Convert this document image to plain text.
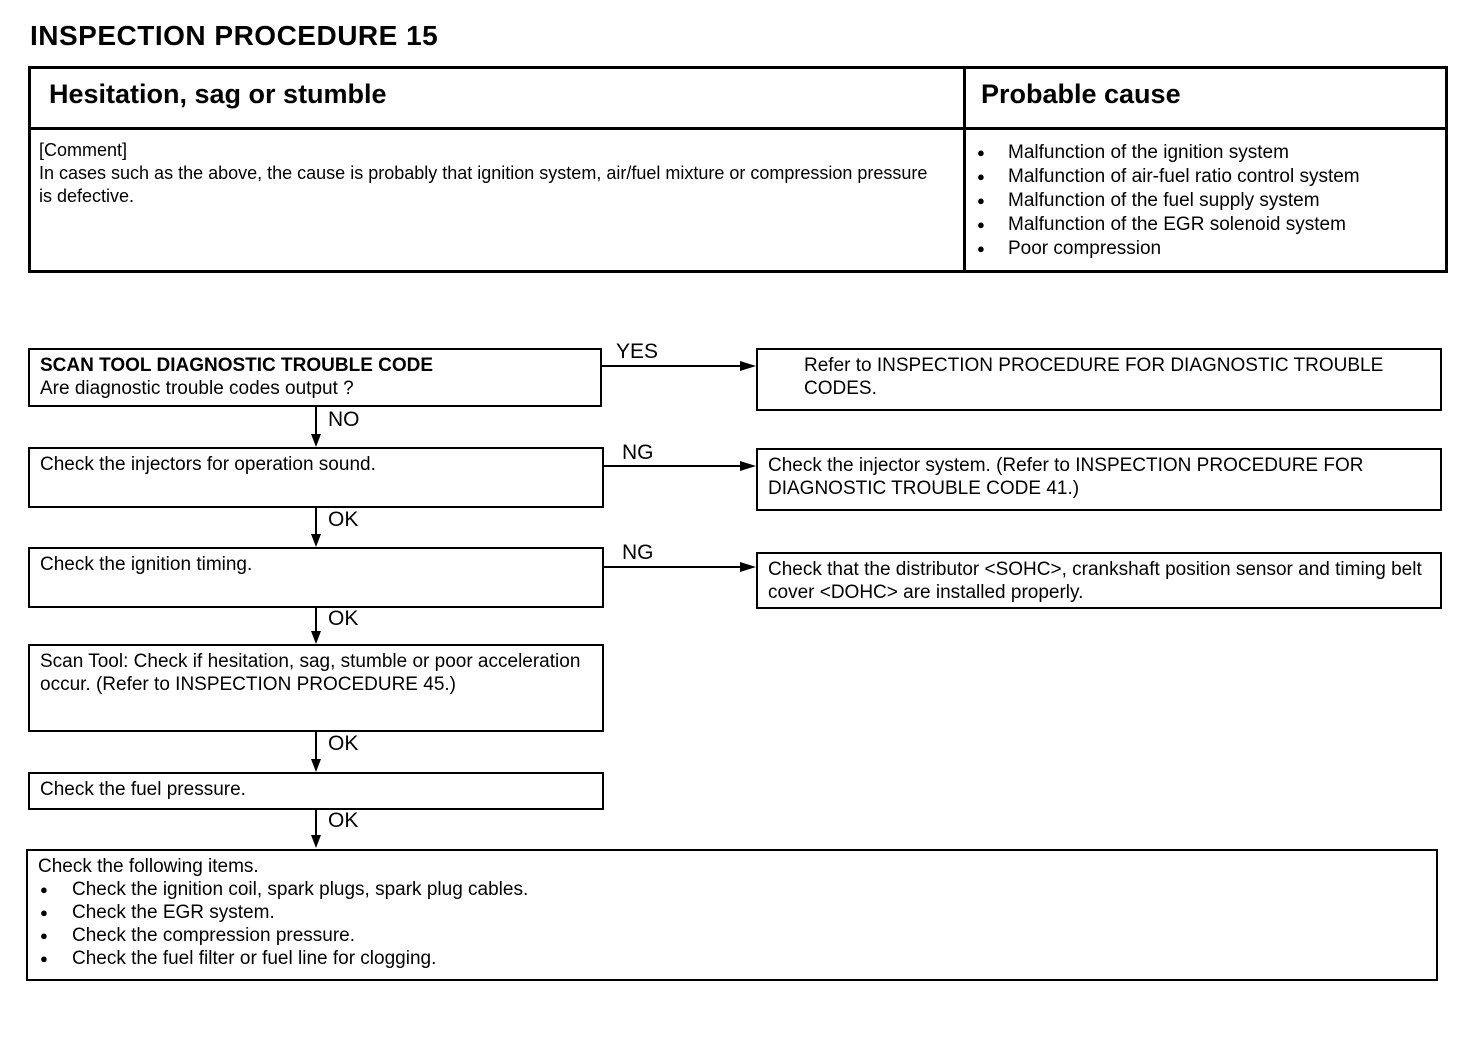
INSPECTION PROCEDURE 15
Hesitation, sag or stumble	Probable cause
[Comment]
In cases such as the above, the cause is probably that ignition system, air/fuel mixture or compression pressure is defective.
● Malfunction of the ignition system
● Malfunction of air-fuel ratio control system
● Malfunction of the fuel supply system
● Malfunction of the EGR solenoid system
● Poor compression
SCAN TOOL DIAGNOSTIC TROUBLE CODE
Are diagnostic trouble codes output ?
YES
Refer to INSPECTION PROCEDURE FOR DIAGNOSTIC TROUBLE CODES.
NO
Check the injectors for operation sound.
NG
Check the injector system. (Refer to INSPECTION PROCEDURE FOR DIAGNOSTIC TROUBLE CODE 41.)
OK
Check the ignition timing.
NG
Check that the distributor <SOHC>, crankshaft position sensor and timing belt cover <DOHC> are installed properly.
OK
Scan Tool: Check if hesitation, sag, stumble or poor acceleration occur. (Refer to INSPECTION PROCEDURE 45.)
OK
Check the fuel pressure.
OK
Check the following items.
● Check the ignition coil, spark plugs, spark plug cables.
● Check the EGR system.
● Check the compression pressure.
● Check the fuel filter or fuel line for clogging.
